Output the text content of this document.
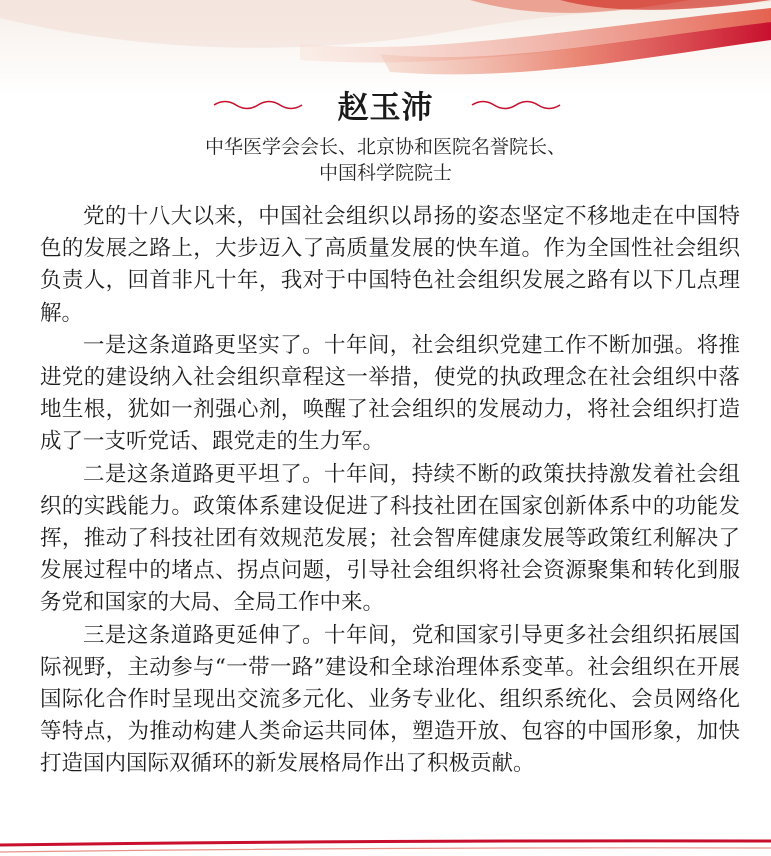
赵玉沛
中华医学会会长、北京协和医院名誉院长、
中国科学院院士

党的十八大以来，中国社会组织以昂扬的姿态坚定不移地走在中国特色的发展之路上，大步迈入了高质量发展的快车道。作为全国性社会组织负责人，回首非凡十年，我对于中国特色社会组织发展之路有以下几点理解。

一是这条道路更坚实了。十年间，社会组织党建工作不断加强。将推进党的建设纳入社会组织章程这一举措，使党的执政理念在社会组织中落地生根，犹如一剂强心剂，唤醒了社会组织的发展动力，将社会组织打造成了一支听党话、跟党走的生力军。

二是这条道路更平坦了。十年间，持续不断的政策扶持激发着社会组织的实践能力。政策体系建设促进了科技社团在国家创新体系中的功能发挥，推动了科技社团有效规范发展；社会智库健康发展等政策红利解决了发展过程中的堵点、拐点问题，引导社会组织将社会资源聚集和转化到服务党和国家的大局、全局工作中来。

三是这条道路更延伸了。十年间，党和国家引导更多社会组织拓展国际视野，主动参与“一带一路”建设和全球治理体系变革。社会组织在开展国际化合作时呈现出交流多元化、业务专业化、组织系统化、会员网络化等特点，为推动构建人类命运共同体，塑造开放、包容的中国形象，加快打造国内国际双循环的新发展格局作出了积极贡献。
